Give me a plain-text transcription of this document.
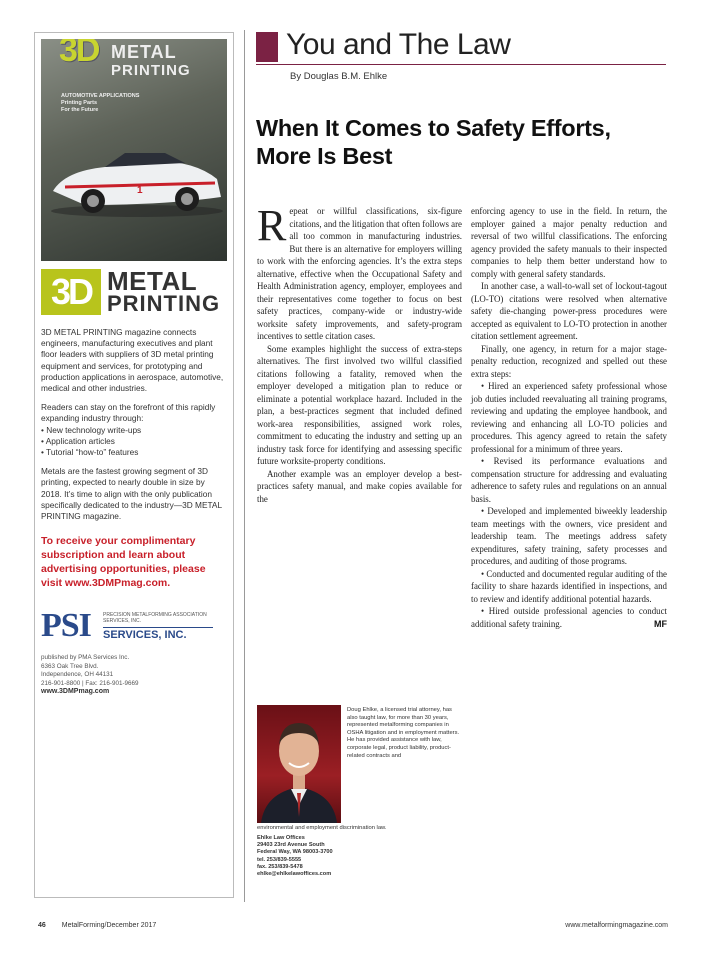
3D METAL
PRINTING
AUTOMOTIVE APPLICATIONS
Printing Parts
For the Future
1
3D METAL
PRINTING

3D METAL PRINTING magazine connects engineers, manufacturing executives and plant floor leaders with suppliers of 3D metal printing equipment and services, for prototyping and production applications in aerospace, automotive, medical and other industries.

Readers can stay on the forefront of this rapidly expanding industry through:

• New technology write-ups
• Application articles
• Tutorial “how-to” features

Metals are the fastest growing segment of 3D printing, expected to nearly double in size by 2018. It’s time to align with the only publication specifically dedicated to the industry—3D METAL PRINTING magazine.

To receive your complimentary subscription and learn about advertising opportunities, please visit www.3DMPmag.com.
PSI PRECISION METALFORMING ASSOCIATION SERVICES, INC.
SERVICES, INC.
published by PMA Services Inc.
6363 Oak Tree Blvd.
Independence, OH 44131
216-901-8800 | Fax: 216-901-9669
www.3DMPmag.com
You and The Law
By Douglas B.M. Ehlke
When It Comes to Safety Efforts,
More Is Best

Repeat or willful classifications, six-figure citations, and the litigation that often follows are all too common in manufacturing industries. But there is an alternative for employers willing to work with the enforcing agencies. It’s the extra steps alternative, effective when the Occupational Safety and Health Administration agency, employer, employees and their representatives come together to focus on best safety practices, company-wide or industry-wide worksite safety improvements, and safety-program incentives to settle citation cases.

Some examples highlight the success of extra-steps alternatives. The first involved two willful classified citations following a fatality, removed when the employer developed a mitigation plan to reduce or eliminate a potential workplace hazard. Included in the plan, a best-practices segment that included defined work-area responsibilities, assigned work roles, commitment to educating the industry and setting up an industry task force for identifying and assessing specific future worksite-property conditions.

Another example was an employer develop a best-practices safety manual, and make copies available for the

enforcing agency to use in the field. In return, the employer gained a major penalty reduction and reversal of two willful classifications. The enforcing agency provided the safety manuals to their inspected companies to help them better understand how to comply with general safety standards.

In another case, a wall-to-wall set of lockout-tagout (LO-TO) citations were resolved when alternative safety die-changing power-press procedures were accepted as equivalent to LO-TO protection in another citation settlement agreement.

Finally, one agency, in return for a major stage-penalty reduction, recognized and spelled out these extra steps:

• Hired an experienced safety professional whose job duties included reevaluating all training programs, reviewing and updating the employee handbook, and reviewing and enhancing all LO-TO policies and procedures. This agency agreed to retain the safety professional for a minimum of three years.

• Revised its performance evaluations and compensation structure for addressing and evaluating adherence to safety rules and regulations on an annual basis.

• Developed and implemented biweekly leadership team meetings with the owners, vice president and leadership team. The meetings address safety expenditures, safety training, safety processes and procedures, and auditing of those programs.

• Conducted and documented regular auditing of the facility to share hazards identified in inspections, and to review and identify additional potential hazards.

• Hired outside professional agencies to conduct additional safety training.	MF

Doug Ehlke, a licensed trial attorney, has also taught law, for more than 30 years, represented metalforming companies in OSHA litigation and in employment matters. He has provided assistance with law, corporate legal, product liability, product-related contracts and
environmental and employment discrimination law.
Ehlke Law Offices
29403 23rd Avenue South
Federal Way, WA 98003-3700
tel. 253/839-5555
fax. 253/839-5478
ehlke@ehlkelawoffices.com
46 MetalForming/December 2017	www.metalformingmagazine.com
